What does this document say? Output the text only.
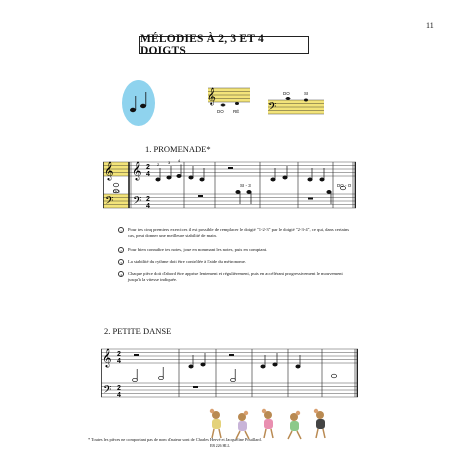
11
MÉLODIES À 2, 3 ET 4 DOIGTS
𝄞
DO RÉ 𝄢
DO	SI
1. PROMENADE*
𝄞
𝄢
𝄞
𝄢
2
4
2
4
2 3 4
DO
SI - 3	DO - O
1	Pour tes cinq premiers exercices il est possible de remplacer le doigté "1-2-3" par le doigté "2-3-4", ce qui, dans certains cas, peut donner une meilleure stabilité de main.
2	Pour bien connaître tes notes, joue en nommant les notes, puis en comptant.
3	La stabilité du rythme doit être contrôlée à l'aide du métronome.
4	Chaque pièce doit d'abord être apprise lentement et régulièrement, puis en accélérant progressivement le mouvement jusqu'à la vitesse indiquée.
2. PETITE DANSE
𝄞
𝄢
2
4
2
4
* Toutes les pièces ne comportant pas de nom d'auteur sont de Charles Hervé et Jacqueline Pouillard.
EB 226 HLL
